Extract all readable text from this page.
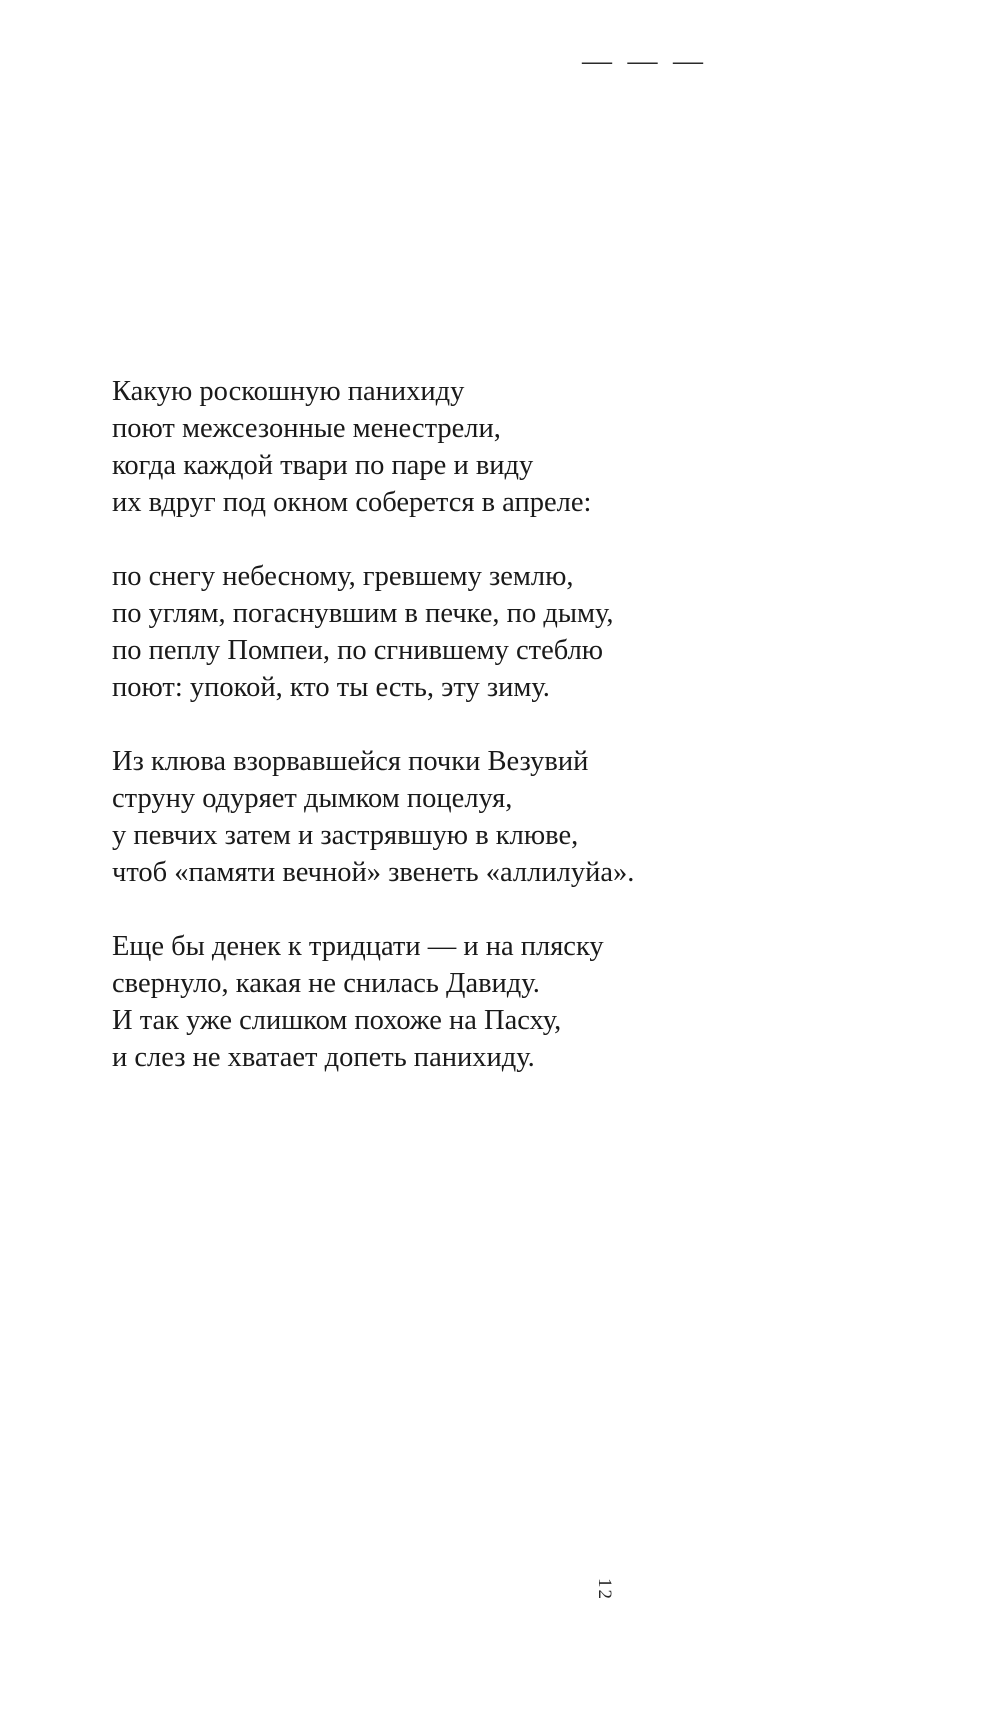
— — —
Какую роскошную панихиду
поют межсезонные менестрели,
когда каждой твари по паре и виду
их вдруг под окном соберется в апреле:
по снегу небесному, гревшему землю,
по углям, погаснувшим в печке, по дыму,
по пеплу Помпеи, по сгнившему стеблю
поют: упокой, кто ты есть, эту зиму.
Из клюва взорвавшейся почки Везувий
струну одуряет дымком поцелуя,
у певчих затем и застрявшую в клюве,
чтоб «памяти вечной» звенеть «аллилуйа».
Еще бы денек к тридцати — и на пляску
свернуло, какая не снилась Давиду.
И так уже слишком похоже на Пасху,
и слез не хватает допеть панихиду.
12
